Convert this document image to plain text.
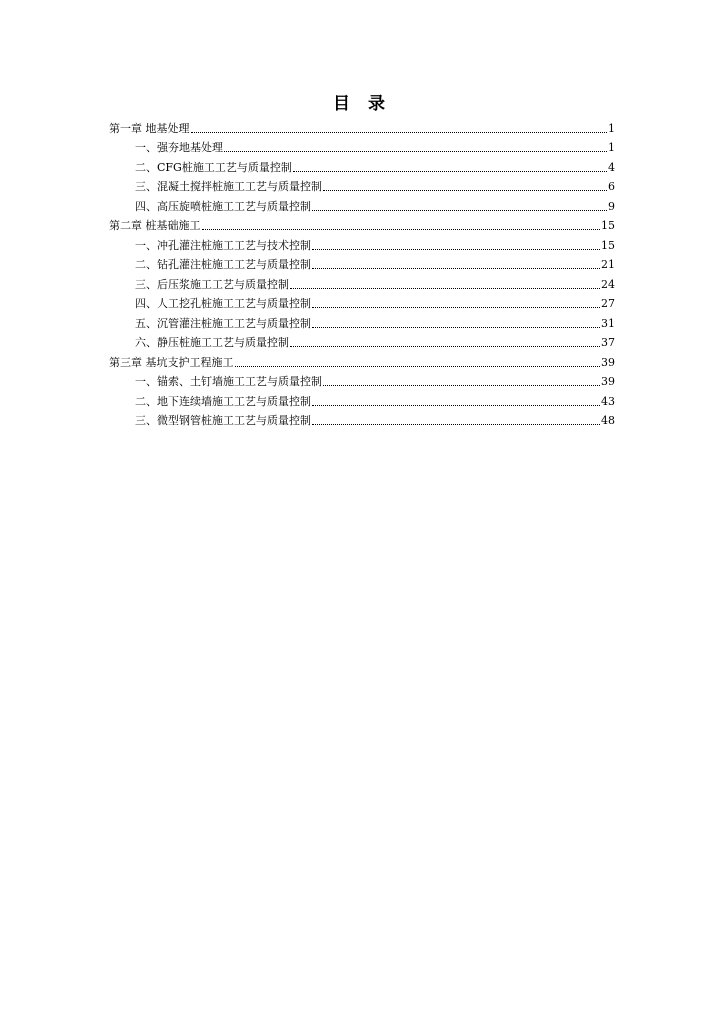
目 录
第一章 地基处理	1
一、强夯地基处理	1
二、CFG桩施工工艺与质量控制	4
三、混凝土搅拌桩施工工艺与质量控制	6
四、高压旋喷桩施工工艺与质量控制	9
第二章 桩基础施工	15
一、冲孔灌注桩施工工艺与技术控制	15
二、钻孔灌注桩施工工艺与质量控制	21
三、后压浆施工工艺与质量控制	24
四、人工挖孔桩施工工艺与质量控制	27
五、沉管灌注桩施工工艺与质量控制	31
六、静压桩施工工艺与质量控制	37
第三章 基坑支护工程施工	39
一、锚索、土钉墙施工工艺与质量控制	39
二、地下连续墙施工工艺与质量控制	43
三、微型钢管桩施工工艺与质量控制	48
